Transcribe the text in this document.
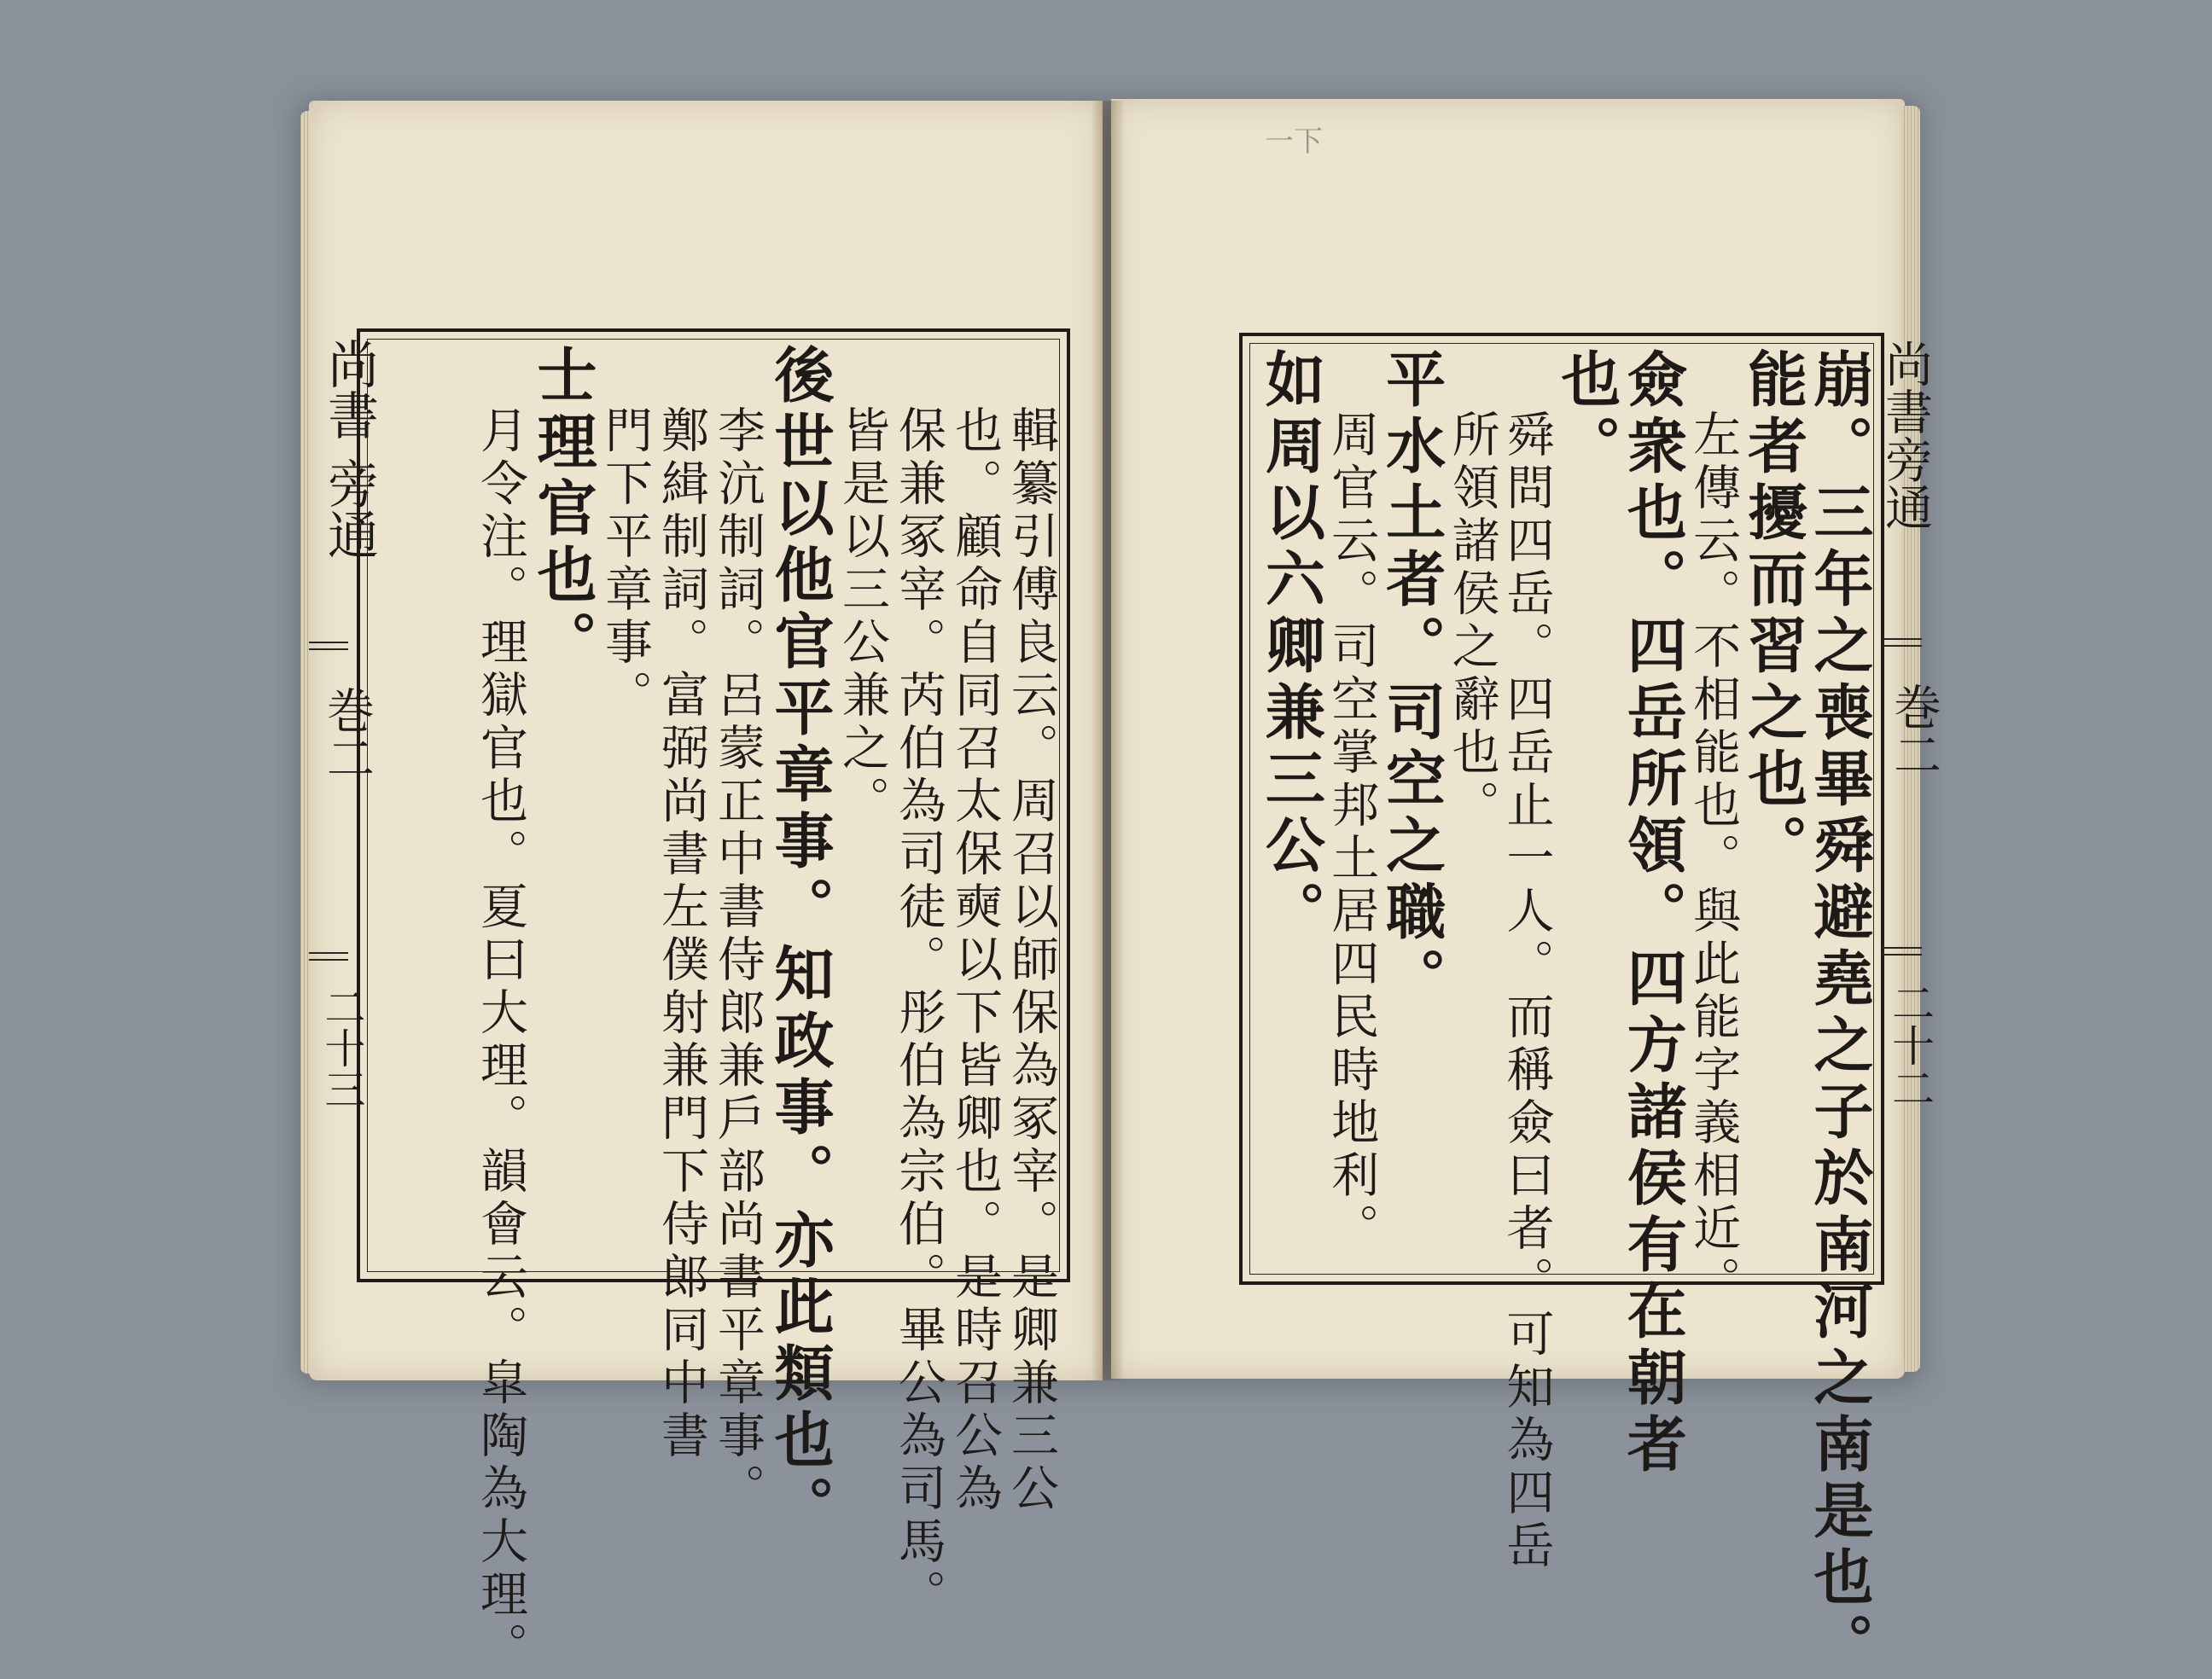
一下
崩。三年之喪畢舜避堯之子於南河之南是也。
能者擾而習之也。
左傳云。不相能也。與此能字義相近。
僉衆也。四岳所領。四方諸侯有在朝者
也。
舜問四岳。四岳止一人。而稱僉曰者。可知為四岳
所領諸侯之辭也。
平水土者。司空之職。
周官云。司空掌邦土居四民時地利。
如周以六卿兼三公。	尚書旁通
巻二
二十二
輯纂引傅良云。周召以師保為冢宰。是卿兼三公
也。顧命自同召太保奭以下皆卿也。是時召公為
保兼冢宰。芮伯為司徒。彤伯為宗伯。畢公為司馬。
皆是以三公兼之。
後世以他官平章事。知政事。亦此類也。
李沆制詞。呂蒙正中書侍郎兼戶部尚書平章事。
鄭緝制詞。富弼尚書左僕射兼門下侍郎同中書
門下平章事。
士理官也。
月令注。理獄官也。夏曰大理。韻會云。皐陶為大理。
尚書
旁通
巻二
二十三
